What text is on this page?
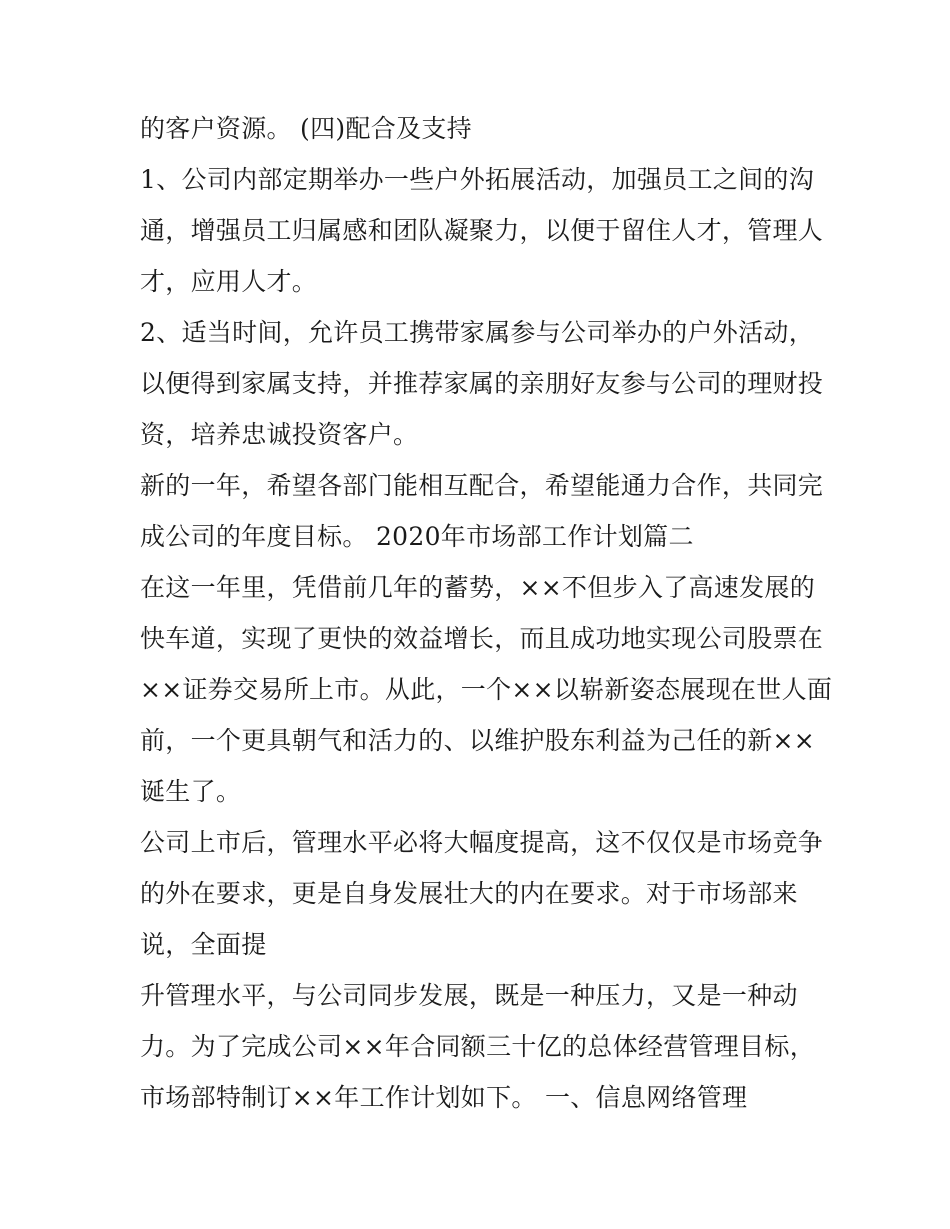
的客户资源。 (四)配合及支持
1、公司内部定期举办一些户外拓展活动，加强员工之间的沟
通，增强员工归属感和团队凝聚力，以便于留住人才，管理人
才，应用人才。
2、适当时间，允许员工携带家属参与公司举办的户外活动，
以便得到家属支持，并推荐家属的亲朋好友参与公司的理财投
资，培养忠诚投资客户。
新的一年，希望各部门能相互配合，希望能通力合作，共同完
成公司的年度目标。 2020年市场部工作计划篇二
在这一年里，凭借前几年的蓄势，××不但步入了高速发展的
快车道，实现了更快的效益增长，而且成功地实现公司股票在
××证券交易所上市。从此，一个××以崭新姿态展现在世人面
前，一个更具朝气和活力的、以维护股东利益为己任的新××
诞生了。
公司上市后，管理水平必将大幅度提高，这不仅仅是市场竞争
的外在要求，更是自身发展壮大的内在要求。对于市场部来
说，全面提
升管理水平，与公司同步发展，既是一种压力，又是一种动
力。为了完成公司××年合同额三十亿的总体经营管理目标，
市场部特制订××年工作计划如下。 一、信息网络管理
